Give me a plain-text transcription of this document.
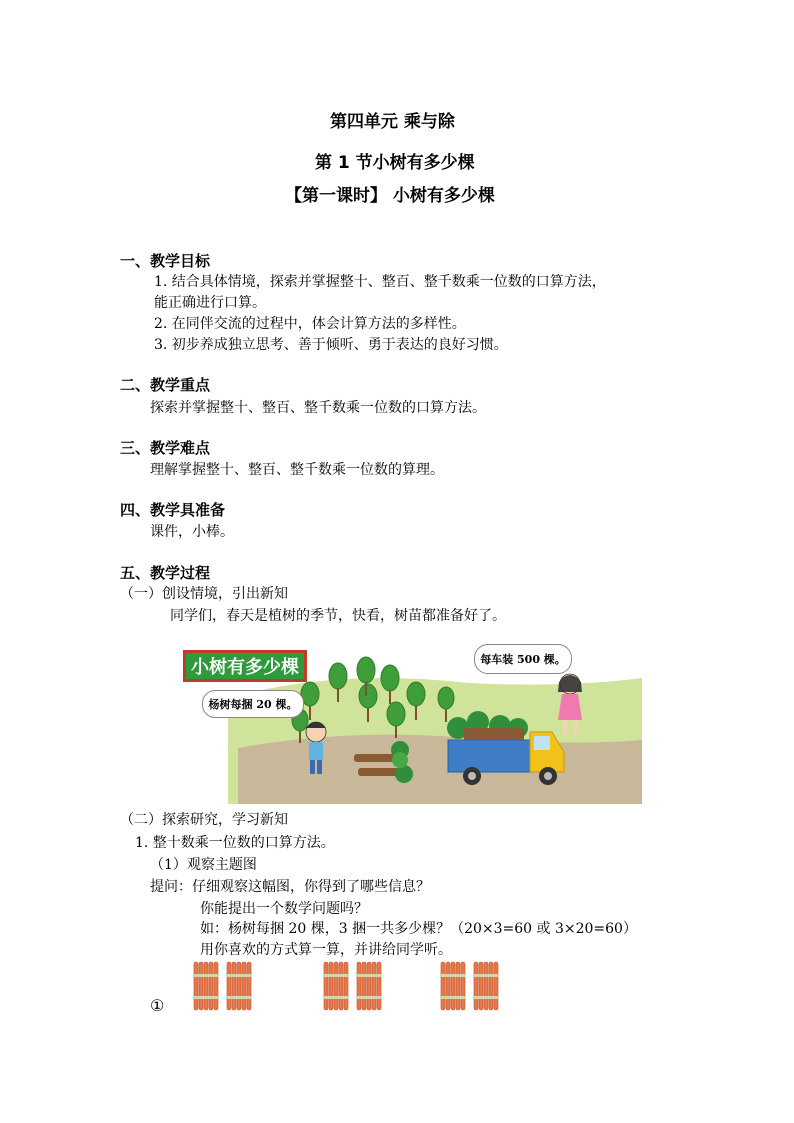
第四单元 乘与除
第 1 节小树有多少棵
【第一课时】 小树有多少棵
一、教学目标
1. 结合具体情境，探索并掌握整十、整百、整千数乘一位数的口算方法，
能正确进行口算。
2. 在同伴交流的过程中，体会计算方法的多样性。
3. 初步养成独立思考、善于倾听、勇于表达的良好习惯。
二、教学重点
探索并掌握整十、整百、整千数乘一位数的口算方法。
三、教学难点
理解掌握整十、整百、整千数乘一位数的算理。
四、教学具准备
课件，小棒。
五、教学过程
（一）创设情境，引出新知
同学们，春天是植树的季节，快看，树苗都准备好了。
小树有多少棵
杨树每捆 20 棵。
每车装 500 棵。
（二）探索研究，学习新知
1. 整十数乘一位数的口算方法。
（1）观察主题图
提问：仔细观察这幅图，你得到了哪些信息？
你能提出一个数学问题吗？
如：杨树每捆 20 棵，3 捆一共多少棵？（20×3=60 或 3×20=60）
用你喜欢的方式算一算，并讲给同学听。
①
